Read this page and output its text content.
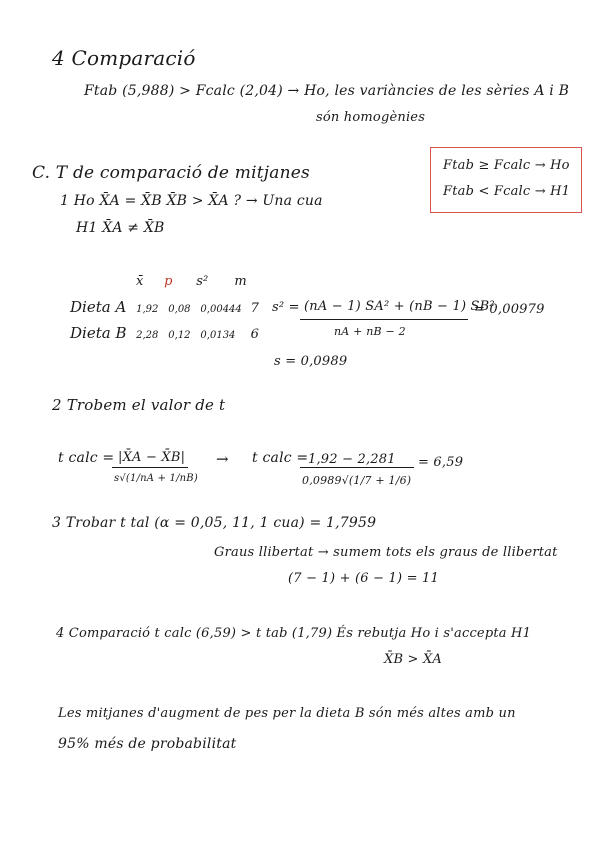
4 Comparació
Ftab (5,988) > Fcalc (2,04) → Ho, les variàncies de les sèries A i B
són homogènies
Ftab ≥ Fcalc → Ho
Ftab < Fcalc → H1
C. T de comparació de mitjanes
1 Ho X̄A = X̄B X̄B > X̄A ? → Una cua
H1 X̄A ≠ X̄B
x̄ p s² m
Dieta A 1,92 0,08 0,00444 7
Dieta B 2,28 0,12 0,0134 6
s² = (nA − 1) SA² + (nB − 1) SB²
nA + nB − 2
= 0,00979
s = 0,0989
2 Trobem el valor de t
t calc = |X̄A − X̄B|
s√(1/nA + 1/nB)
→ t calc = 1,92 − 2,281
0,0989√(1/7 + 1/6)
= 6,59
3 Trobar t tal (α = 0,05, 11, 1 cua) = 1,7959
Graus llibertat → sumem tots els graus de llibertat
(7 − 1) + (6 − 1) = 11
4 Comparació t calc (6,59) > t tab (1,79) És rebutja Ho i s'accepta H1
X̄B > X̄A
Les mitjanes d'augment de pes per la dieta B són més altes amb un
95% més de probabilitat
